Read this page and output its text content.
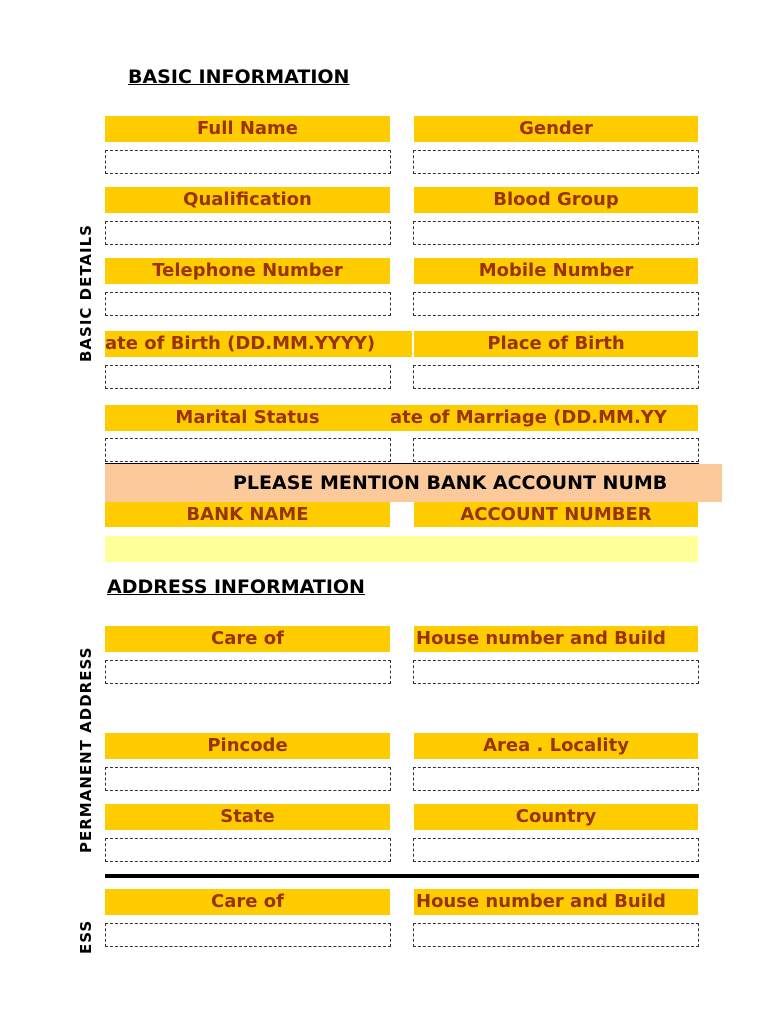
BASIC INFORMATION
BASIC DETAILS
Full Name	Gender
Qualification	Blood Group
Telephone Number	Mobile Number
ate of Birth (DD.MM.YYYY)	Place of Birth
Marital Status	ate of Marriage (DD.MM.YY
PLEASE MENTION BANK ACCOUNT NUMB
BANK NAME	ACCOUNT NUMBER
ADDRESS INFORMATION
PERMANENT ADDRESS
Care of	House number and Build
Pincode	Area . Locality
State	Country
ESS
Care of	House number and Build
